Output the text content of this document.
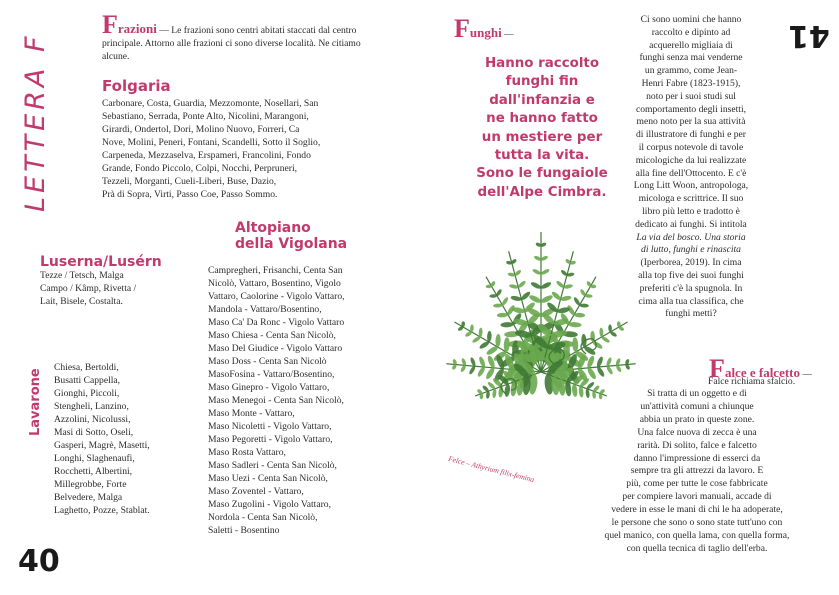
LETTERA F
Frazioni — Le frazioni sono centri abitati staccati dal centro principale. Attorno alle frazioni ci sono diverse località. Ne citiamo alcune.
Folgaria
Carbonare, Costa, Guardia, Mezzomonte, Nosellari, San
Sebastiano, Serrada, Ponte Alto, Nicolini, Marangoni,
Girardi, Ondertol, Dori, Molino Nuovo, Forreri, Ca
Nove, Molini, Peneri, Fontani, Scandelli, Sotto il Soglio,
Carpeneda, Mezzaselva, Erspameri, Francolini, Fondo
Grande, Fondo Piccolo, Colpi, Nocchi, Perpruneri,
Tezzeli, Morganti, Cueli-Liberi, Buse, Dazio,
Prà di Sopra, Virti, Passo Coe, Passo Sommo.
Altopiano
della Vigolana
Campregheri, Frisanchi, Centa San
Nicolò, Vattaro, Bosentino, Vigolo
Vattaro, Caolorine - Vigolo Vattaro,
Mandola - Vattaro/Bosentino,
Maso Ca' Da Ronc - Vigolo Vattaro
Maso Chiesa - Centa San Nicolò,
Maso Del Giudice - Vigolo Vattaro
Maso Doss - Centa San Nicolò
MasoFosina - Vattaro/Bosentino,
Maso Ginepro - Vigolo Vattaro,
Maso Menegoi - Centa San Nicolò,
Maso Monte - Vattaro,
Maso Nicoletti - Vigolo Vattaro,
Maso Pegoretti - Vigolo Vattaro,
Maso Rosta Vattaro,
Maso Sadleri - Centa San Nicolò,
Maso Uezi - Centa San Nicolò,
Maso Zoventel - Vattaro,
Maso Zugolini - Vigolo Vattaro,
Nordola - Centa San Nicolò,
Saletti - Bosentino
Luserna/Lusérn
Tezze / Tetsch, Malga
Campo / Kâmp, Rivetta /
Lait, Bisele, Costalta.
Lavarone
Chiesa, Bertoldi,
Busatti Cappella,
Gionghi, Piccoli,
Stengheli, Lanzino,
Azzolini, Nicolussi,
Masi di Sotto, Oseli,
Gasperi, Magrè, Masetti,
Longhi, Slaghenaufi,
Rocchetti, Albertini,
Millegrobbe, Forte
Belvedere, Malga
Laghetto, Pozze, Stablat.
40
Funghi —
Hanno raccolto
funghi fin
dall'infanzia e
ne hanno fatto
un mestiere per
tutta la vita.
Sono le fungaiole
dell'Alpe Cimbra.
Ci sono uomini che hanno
raccolto e dipinto ad
acquerello migliaia di
funghi senza mai venderne
un grammo, come Jean-
Henri Fabre (1823-1915),
noto per i suoi studi sul
comportamento degli insetti,
meno noto per la sua attività
di illustratore di funghi e per
il corpus notevole di tavole
micologiche da lui realizzate
alla fine dell'Ottocento. E c'è
Long Litt Woon, antropologa,
micologa e scrittrice. Il suo
libro più letto e tradotto è
dedicato ai funghi. Si intitola
La via del bosco. Una storia
di lutto, funghi e rinascita
(Iperborea, 2019). In cima
alla top five dei suoi funghi
preferiti c'è la spugnola. In
cima alla tua classifica, che
funghi metti?
41
Felce – Athyrium filix-femina
Falce e falcetto —
Falce richiama sfalcio.
Si tratta di un oggetto e di
un'attività comuni a chiunque
abbia un prato in queste zone.
Una falce nuova di zecca è una
rarità. Di solito, falce e falcetto
danno l'impressione di esserci da
sempre tra gli attrezzi da lavoro. E
più, come per tutte le cose fabbricate
per compiere lavori manuali, accade di
vedere in esse le mani di chi le ha adoperate,
le persone che sono o sono state tutt'uno con
quel manico, con quella lama, con quella forma,
con quella tecnica di taglio dell'erba.
